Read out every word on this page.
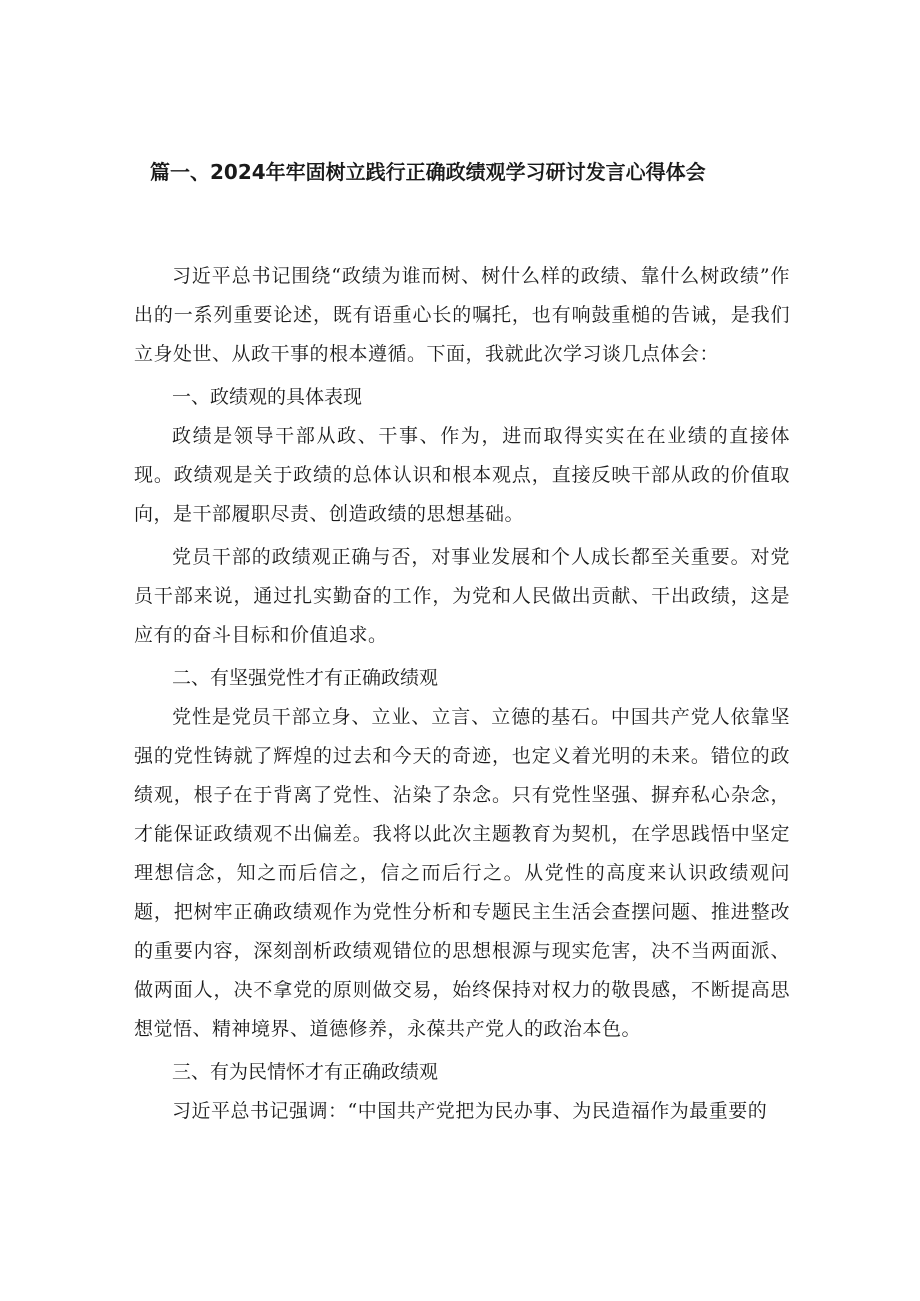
篇一、2024年牢固树立践行正确政绩观学习研讨发言心得体会

习近平总书记围绕“政绩为谁而树、树什么样的政绩、靠什么树政绩”作出的一系列重要论述，既有语重心长的嘱托，也有响鼓重槌的告诫，是我们立身处世、从政干事的根本遵循。下面，我就此次学习谈几点体会：

一、政绩观的具体表现

政绩是领导干部从政、干事、作为，进而取得实实在在业绩的直接体现。政绩观是关于政绩的总体认识和根本观点，直接反映干部从政的价值取向，是干部履职尽责、创造政绩的思想基础。

党员干部的政绩观正确与否，对事业发展和个人成长都至关重要。对党员干部来说，通过扎实勤奋的工作，为党和人民做出贡献、干出政绩，这是应有的奋斗目标和价值追求。

二、有坚强党性才有正确政绩观

党性是党员干部立身、立业、立言、立德的基石。中国共产党人依靠坚强的党性铸就了辉煌的过去和今天的奇迹，也定义着光明的未来。错位的政绩观，根子在于背离了党性、沾染了杂念。只有党性坚强、摒弃私心杂念，才能保证政绩观不出偏差。我将以此次主题教育为契机，在学思践悟中坚定理想信念，知之而后信之，信之而后行之。从党性的高度来认识政绩观问题，把树牢正确政绩观作为党性分析和专题民主生活会查摆问题、推进整改的重要内容，深刻剖析政绩观错位的思想根源与现实危害，决不当两面派、做两面人，决不拿党的原则做交易，始终保持对权力的敬畏感，不断提高思想觉悟、精神境界、道德修养，永葆共产党人的政治本色。

三、有为民情怀才有正确政绩观

习近平总书记强调：“中国共产党把为民办事、为民造福作为最重要的
